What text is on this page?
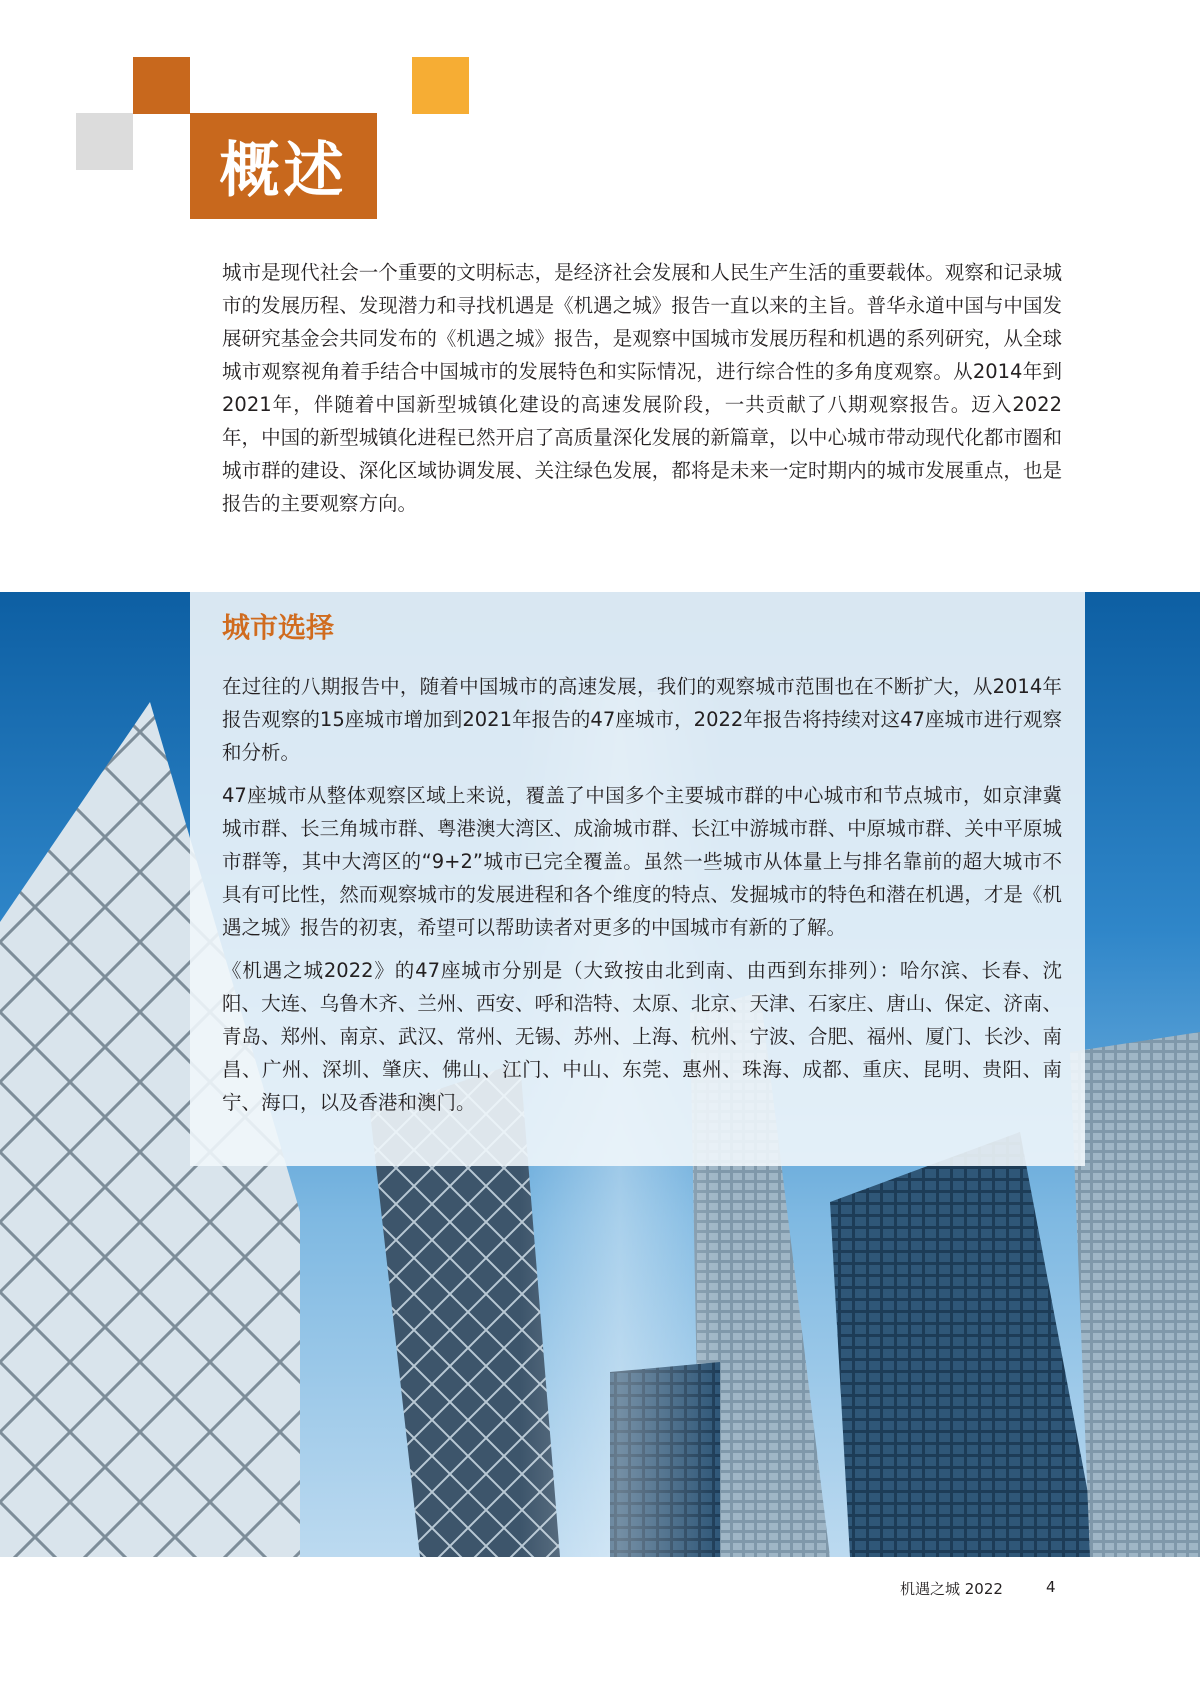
概述

城市是现代社会一个重要的文明标志，是经济社会发展和人民生产生活的重要载体。观察和记录城市的发展历程、发现潜力和寻找机遇是《机遇之城》报告一直以来的主旨。普华永道中国与中国发展研究基金会共同发布的《机遇之城》报告，是观察中国城市发展历程和机遇的系列研究，从全球城市观察视角着手结合中国城市的发展特色和实际情况，进行综合性的多角度观察。从2014年到2021年，伴随着中国新型城镇化建设的高速发展阶段，一共贡献了八期观察报告。迈入2022年，中国的新型城镇化进程已然开启了高质量深化发展的新篇章，以中心城市带动现代化都市圈和城市群的建设、深化区域协调发展、关注绿色发展，都将是未来一定时期内的城市发展重点，也是报告的主要观察方向。

城市选择

在过往的八期报告中，随着中国城市的高速发展，我们的观察城市范围也在不断扩大，从2014年报告观察的15座城市增加到2021年报告的47座城市，2022年报告将持续对这47座城市进行观察和分析。

47座城市从整体观察区域上来说，覆盖了中国多个主要城市群的中心城市和节点城市，如京津冀城市群、长三角城市群、粤港澳大湾区、成渝城市群、长江中游城市群、中原城市群、关中平原城市群等，其中大湾区的“9+2”城市已完全覆盖。虽然一些城市从体量上与排名靠前的超大城市不具有可比性，然而观察城市的发展进程和各个维度的特点、发掘城市的特色和潜在机遇，才是《机遇之城》报告的初衷，希望可以帮助读者对更多的中国城市有新的了解。

《机遇之城2022》的47座城市分别是（大致按由北到南、由西到东排列）：哈尔滨、长春、沈阳、大连、乌鲁木齐、兰州、西安、呼和浩特、太原、北京、天津、石家庄、唐山、保定、济南、青岛、郑州、南京、武汉、常州、无锡、苏州、上海、杭州、宁波、合肥、福州、厦门、长沙、南昌、广州、深圳、肇庆、佛山、江门、中山、东莞、惠州、珠海、成都、重庆、昆明、贵阳、南宁、海口，以及香港和澳门。

机遇之城 2022	4
